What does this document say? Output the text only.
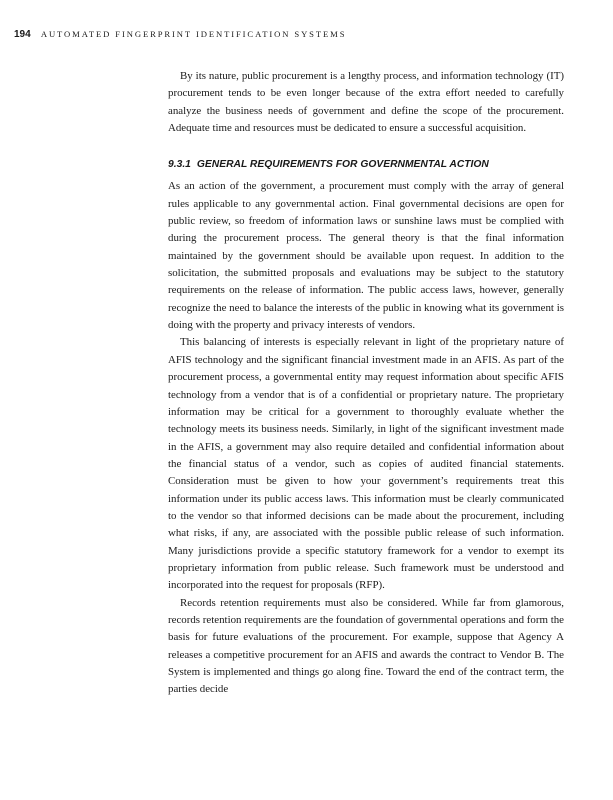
194 AUTOMATED FINGERPRINT IDENTIFICATION SYSTEMS

By its nature, public procurement is a lengthy process, and information technology (IT) procurement tends to be even longer because of the extra effort needed to carefully analyze the business needs of government and define the scope of the procurement. Adequate time and resources must be dedicated to ensure a successful acquisition.

9.3.1 GENERAL REQUIREMENTS FOR GOVERNMENTAL ACTION

As an action of the government, a procurement must comply with the array of general rules applicable to any governmental action. Final governmental decisions are open for public review, so freedom of information laws or sunshine laws must be complied with during the procurement process. The general theory is that the final information maintained by the government should be available upon request. In addition to the solicitation, the submitted proposals and evaluations may be subject to the statutory requirements on the release of information. The public access laws, however, generally recognize the need to balance the interests of the public in knowing what its government is doing with the property and privacy interests of vendors.

This balancing of interests is especially relevant in light of the proprietary nature of AFIS technology and the significant financial investment made in an AFIS. As part of the procurement process, a governmental entity may request information about specific AFIS technology from a vendor that is of a confidential or proprietary nature. The proprietary information may be critical for a government to thoroughly evaluate whether the technology meets its business needs. Similarly, in light of the significant investment made in the AFIS, a government may also require detailed and confidential information about the financial status of a vendor, such as copies of audited financial statements. Consideration must be given to how your government’s requirements treat this information under its public access laws. This information must be clearly communicated to the vendor so that informed decisions can be made about the procurement, including what risks, if any, are associated with the possible public release of such information. Many jurisdictions provide a specific statutory framework for a vendor to exempt its proprietary information from public release. Such framework must be understood and incorporated into the request for proposals (RFP).

Records retention requirements must also be considered. While far from glamorous, records retention requirements are the foundation of governmental operations and form the basis for future evaluations of the procurement. For example, suppose that Agency A releases a competitive procurement for an AFIS and awards the contract to Vendor B. The System is implemented and things go along fine. Toward the end of the contract term, the parties decide
